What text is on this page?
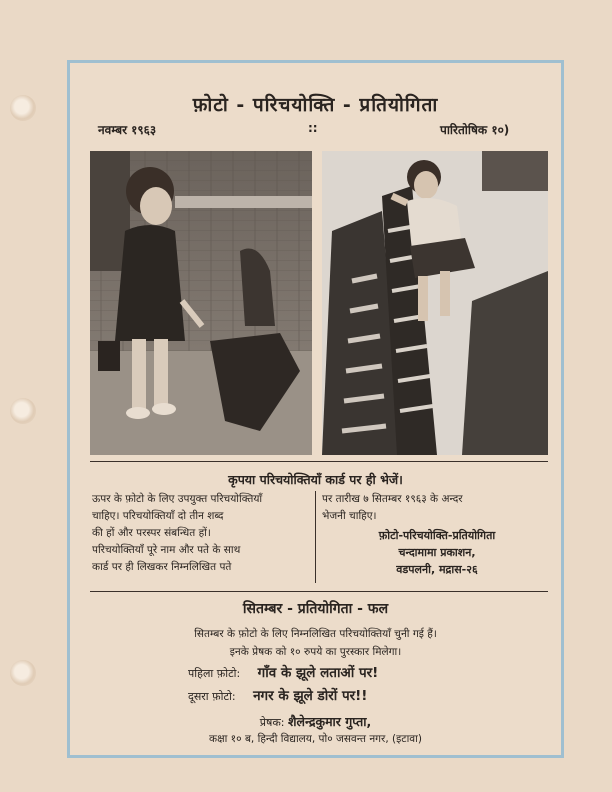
फ़ोटो - परिचयोक्ति - प्रतियोगिता
नवम्बर १९६३	::	पारितोषिक १०)
कृपया परिचयोक्तियाँ कार्ड पर ही भेजें।

ऊपर के फ़ोटो के लिए उपयुक्त परिचयोक्तियाँ

चाहिए। परिचयोक्तियाँ दो तीन शब्द

की हों और परस्पर संबन्धित हों।

परिचयोक्तियाँ पूरे नाम और पते के साथ

कार्ड पर ही लिखकर निम्नलिखित पते

पर तारीख ७ सितम्बर १९६३ के अन्दर

भेजनी चाहिए।

फ़ोटो-परिचयोक्ति-प्रतियोगिता
चन्दामामा प्रकाशन,
वडपलनी, मद्रास-२६
सितम्बर - प्रतियोगिता - फल
सितम्बर के फ़ोटो के लिए निम्नलिखित परिचयोक्तियाँ चुनी गई हैं।
इनके प्रेषक को १० रुपये का पुरस्कार मिलेगा।
पहिला फ़ोटो: गाँव के झूले लताओं पर!
दूसरा फ़ोटो: नगर के झूले डोरों पर!!
प्रेषक: शैलेन्द्रकुमार गुप्ता,
कक्षा १० ब, हिन्दी विद्यालय, पो० जसवन्त नगर, (इटावा)
